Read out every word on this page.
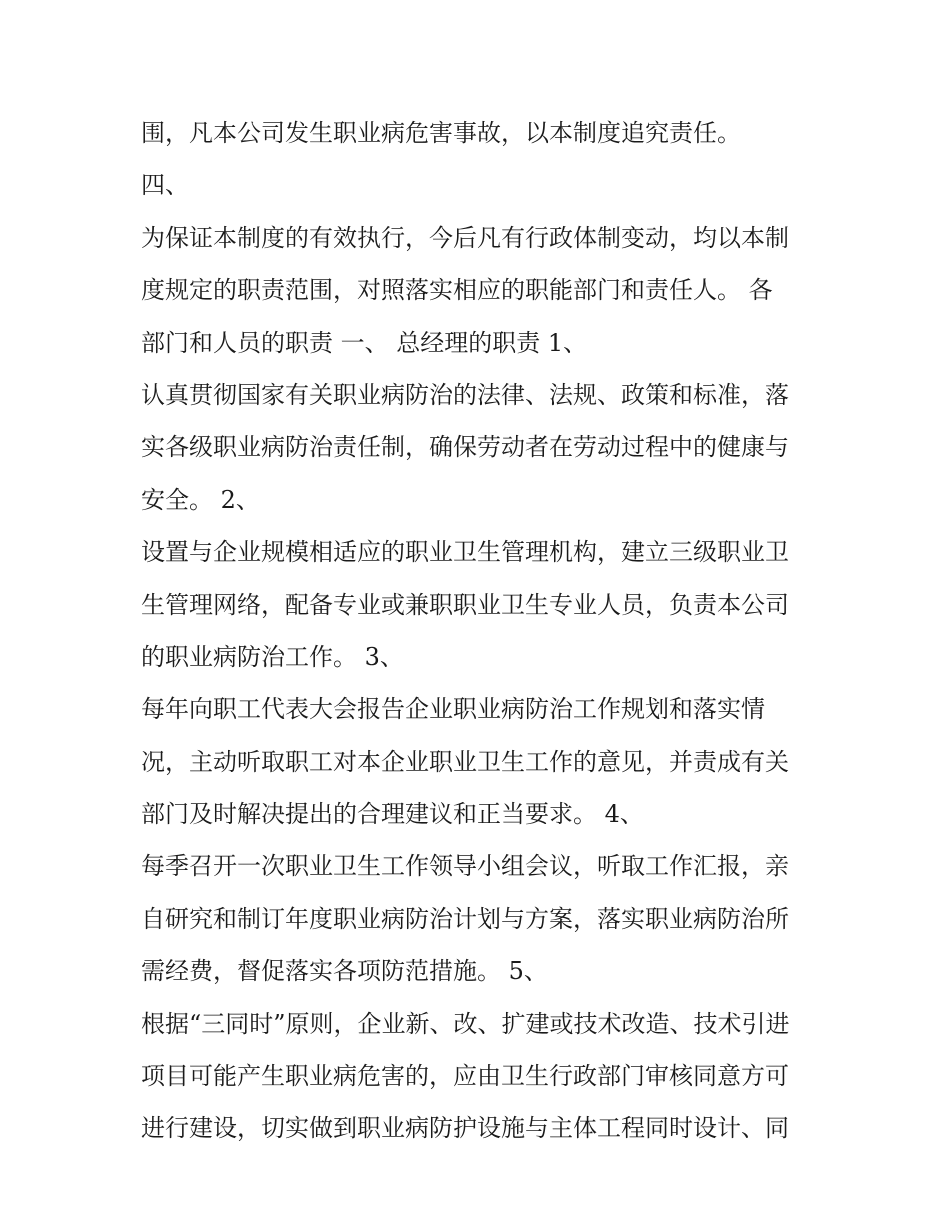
围，凡本公司发生职业病危害事故，以本制度追究责任。
四、
为保证本制度的有效执行，今后凡有行政体制变动，均以本制
度规定的职责范围，对照落实相应的职能部门和责任人。 各
部门和人员的职责 一、 总经理的职责 1、
认真贯彻国家有关职业病防治的法律、法规、政策和标准，落
实各级职业病防治责任制，确保劳动者在劳动过程中的健康与
安全。 2、
设置与企业规模相适应的职业卫生管理机构，建立三级职业卫
生管理网络，配备专业或兼职职业卫生专业人员，负责本公司
的职业病防治工作。 3、
每年向职工代表大会报告企业职业病防治工作规划和落实情
况，主动听取职工对本企业职业卫生工作的意见，并责成有关
部门及时解决提出的合理建议和正当要求。 4、
每季召开一次职业卫生工作领导小组会议，听取工作汇报，亲
自研究和制订年度职业病防治计划与方案，落实职业病防治所
需经费，督促落实各项防范措施。 5、
根据“三同时”原则，企业新、改、扩建或技术改造、技术引进
项目可能产生职业病危害的，应由卫生行政部门审核同意方可
进行建设，切实做到职业病防护设施与主体工程同时设计、同
